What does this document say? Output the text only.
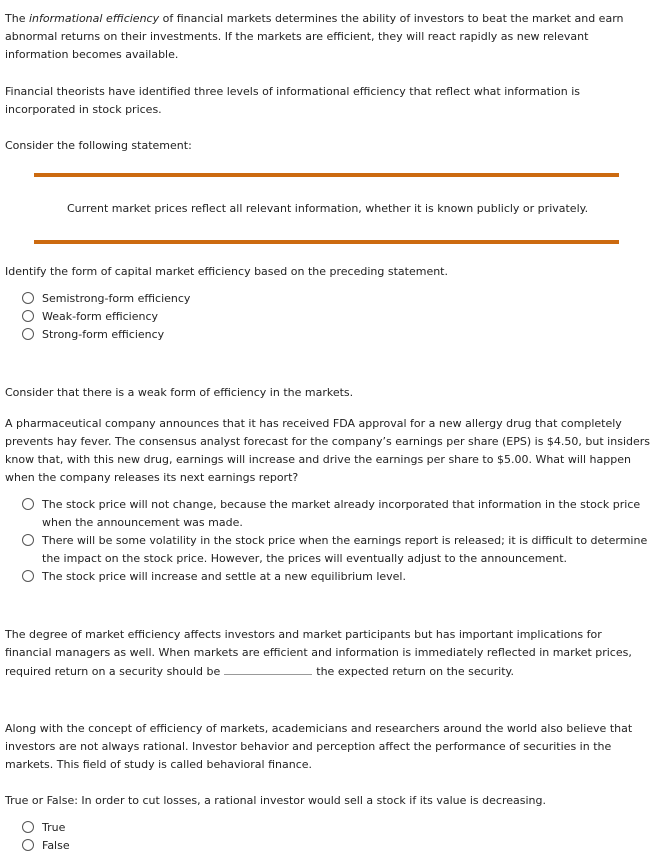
The informational efficiency of financial markets determines the ability of investors to beat the market and earn abnormal returns on their investments. If the markets are efficient, they will react rapidly as new relevant information becomes available.

Financial theorists have identified three levels of informational efficiency that reflect what information is incorporated in stock prices.

Consider the following statement:

Current market prices reflect all relevant information, whether it is known publicly or privately.

Identify the form of capital market efficiency based on the preceding statement.

Semistrong-form efficiency
Weak-form efficiency
Strong-form efficiency

Consider that there is a weak form of efficiency in the markets.

A pharmaceutical company announces that it has received FDA approval for a new allergy drug that completely prevents hay fever. The consensus analyst forecast for the company’s earnings per share (EPS) is $4.50, but insiders know that, with this new drug, earnings will increase and drive the earnings per share to $5.00. What will happen when the company releases its next earnings report?

The stock price will not change, because the market already incorporated that information in the stock price when the announcement was made.
There will be some volatility in the stock price when the earnings report is released; it is difficult to determine the impact on the stock price. However, the prices will eventually adjust to the announcement.
The stock price will increase and settle at a new equilibrium level.

The degree of market efficiency affects investors and market participants but has important implications for financial managers as well. When markets are efficient and information is immediately reflected in market prices, required return on a security should be	the expected return on the security.

Along with the concept of efficiency of markets, academicians and researchers around the world also believe that investors are not always rational. Investor behavior and perception affect the performance of securities in the markets. This field of study is called behavioral finance.

True or False: In order to cut losses, a rational investor would sell a stock if its value is decreasing.

True
False
